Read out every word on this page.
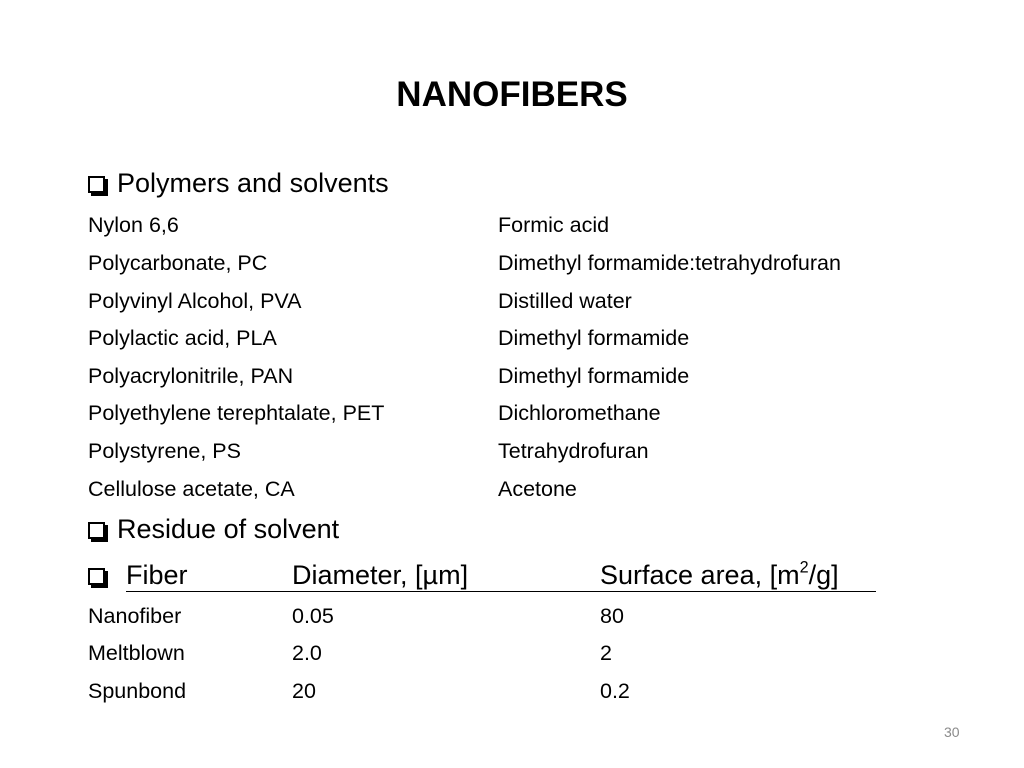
NANOFIBERS
Polymers and solvents
Nylon 6,6	Formic acid
Polycarbonate, PC	Dimethyl formamide:tetrahydrofuran
Polyvinyl Alcohol, PVA	Distilled water
Polylactic acid, PLA	Dimethyl formamide
Polyacrylonitrile, PAN	Dimethyl formamide
Polyethylene terephtalate, PET	Dichloromethane
Polystyrene, PS	Tetrahydrofuran
Cellulose acetate, CA	Acetone
Residue of solvent
Fiber	Diameter, [µm]	Surface area, $[m^2/g]$
Nanofiber	0.05	80
Meltblown	2.0	2
Spunbond	20	0.2
30
